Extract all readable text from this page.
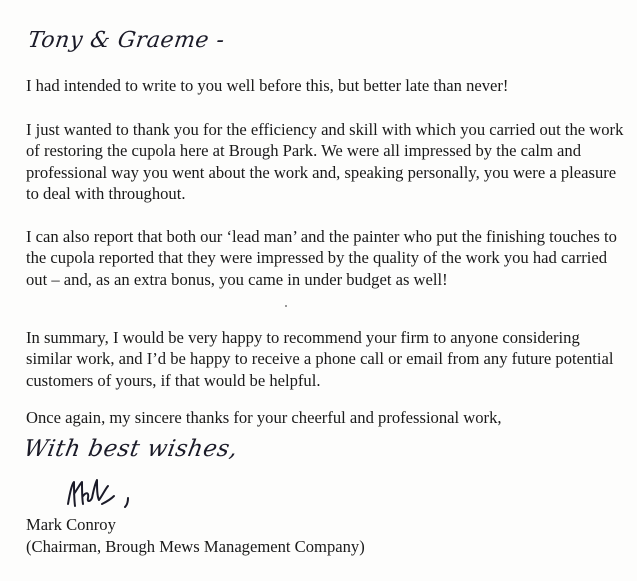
Tony & Graeme -

I had intended to write to you well before this, but better late than never!

I just wanted to thank you for the efficiency and skill with which you carried out the work of restoring the cupola here at Brough Park. We were all impressed by the calm and professional way you went about the work and, speaking personally, you were a pleasure to deal with throughout.

I can also report that both our ‘lead man’ and the painter who put the finishing touches to the cupola reported that they were impressed by the quality of the work you had carried out – and, as an extra bonus, you came in under budget as well!

In summary, I would be very happy to recommend your firm to anyone considering similar work, and I’d be happy to receive a phone call or email from any future potential customers of yours, if that would be helpful.

Once again, my sincere thanks for your cheerful and professional work,

With best wishes,
Mark Conroy
(Chairman, Brough Mews Management Company)
